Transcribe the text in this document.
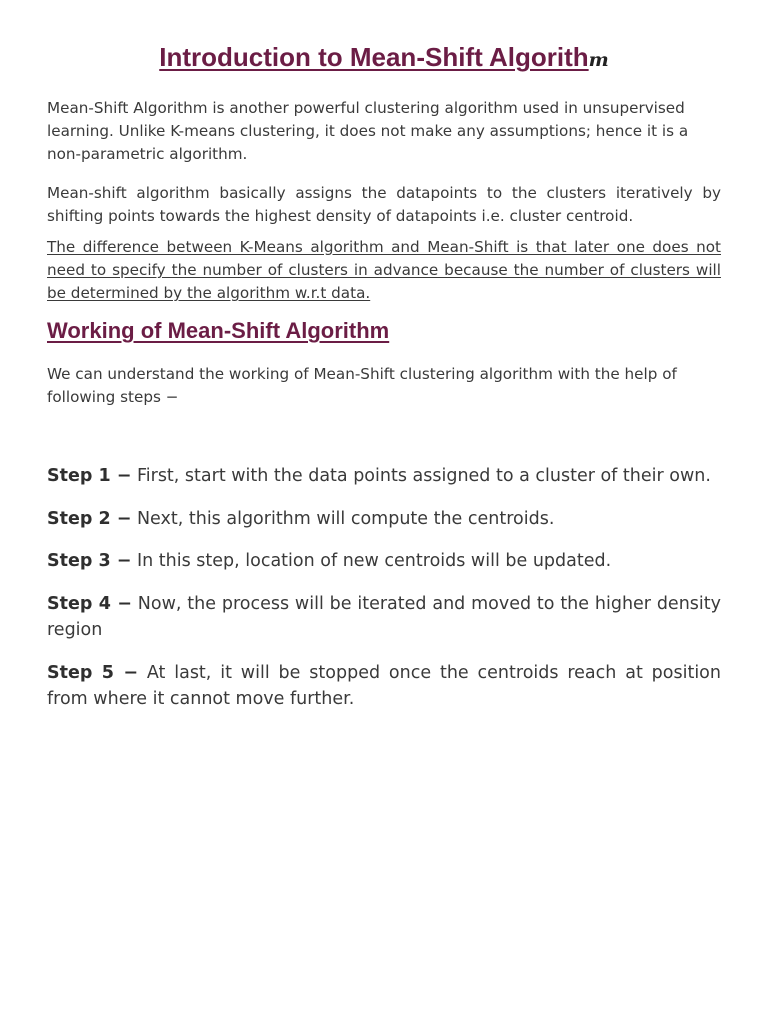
Introduction to Mean-Shift Algorithm
Mean-Shift Algorithm is another powerful clustering algorithm used in unsupervised learning. Unlike K-means clustering, it does not make any assumptions; hence it is a non-parametric algorithm.
Mean-shift algorithm basically assigns the datapoints to the clusters iteratively by shifting points towards the highest density of datapoints i.e. cluster centroid.
The difference between K-Means algorithm and Mean-Shift is that later one does not need to specify the number of clusters in advance because the number of clusters will be determined by the algorithm w.r.t data.
Working of Mean-Shift Algorithm
We can understand the working of Mean-Shift clustering algorithm with the help of following steps −
Step 1 − First, start with the data points assigned to a cluster of their own.
Step 2 − Next, this algorithm will compute the centroids.
Step 3 − In this step, location of new centroids will be updated.
Step 4 − Now, the process will be iterated and moved to the higher density region
Step 5 − At last, it will be stopped once the centroids reach at position from where it cannot move further.
